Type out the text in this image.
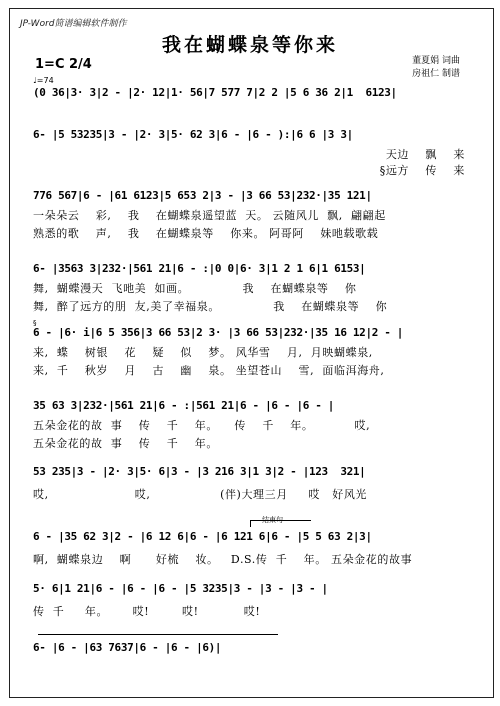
JP-Word简谱编辑软件制作
我在蝴蝶泉等你来
董夏娟 词曲
房祖仁 制谱
1=C 2/4
♩=74
(0 36|3· 3|2 - |2· 12|1· 56|7 577 7|2 2 |5 6 36 2|1  6123|
6- |5 53235|3 - |2· 3|5· 62 3|6 - |6 - ):|6 6 |3 3|
天边    飘    来
§远方    传    来
776 567|6 - |61 6123|5 653 2|3 - |3 66 53|232·|35 121|
一朵朵云    彩,    我    在蝴蝶泉遥望蓝  天。 云随风儿  飘,  翩翩起
熟悉的歌    声,    我    在蝴蝶泉等    你来。 阿哥阿    妹吔载歌载
6- |3563 3|232·|561 21|6 - :|0 0|6· 3|1 2 1 6|1 6153|
舞,  蝴蝶漫天  飞吔美  如画。             我    在蝴蝶泉等    你
舞,  醉了远方的朋  友,美了幸福泉。             我    在蝴蝶泉等    你
§
6 - |6· i|6 5 356|3 66 53|2 3· |3 66 53|232·|35 16 12|2 - |
来,  蝶    树银    花    疑    似    梦。 风华雪    月,  月映蝴蝶泉,
来,  千    秋岁    月    古    幽    泉。 坐望苍山    雪,  面临洱海舟,
35 63 3|232·|561 21|6 - :|561 21|6 - |6 - |6 - |
五朵金花的故  事    传    千    年。    传    千    年。          哎,
五朵金花的故  事    传    千    年。
53 235|3 - |2· 3|5· 6|3 - |3 216 3|1 3|2 - |123  321|
哎,                     哎,                 (伴)大理三月     哎   好风光
结束句
6 - |35 62 3|2 - |6 12 6|6 - |6 121 6|6 - |5 5 63 2|3|
啊,  蝴蝶泉边    啊      好梳    妆。   D.S.传  千    年。 五朵金花的故事
5· 6|1 21|6 - |6 - |6 - |5 3235|3 - |3 - |3 - |
传  千     年。      哎!        哎!           哎!
6- |6 - |63 7637|6 - |6 - |6)|
